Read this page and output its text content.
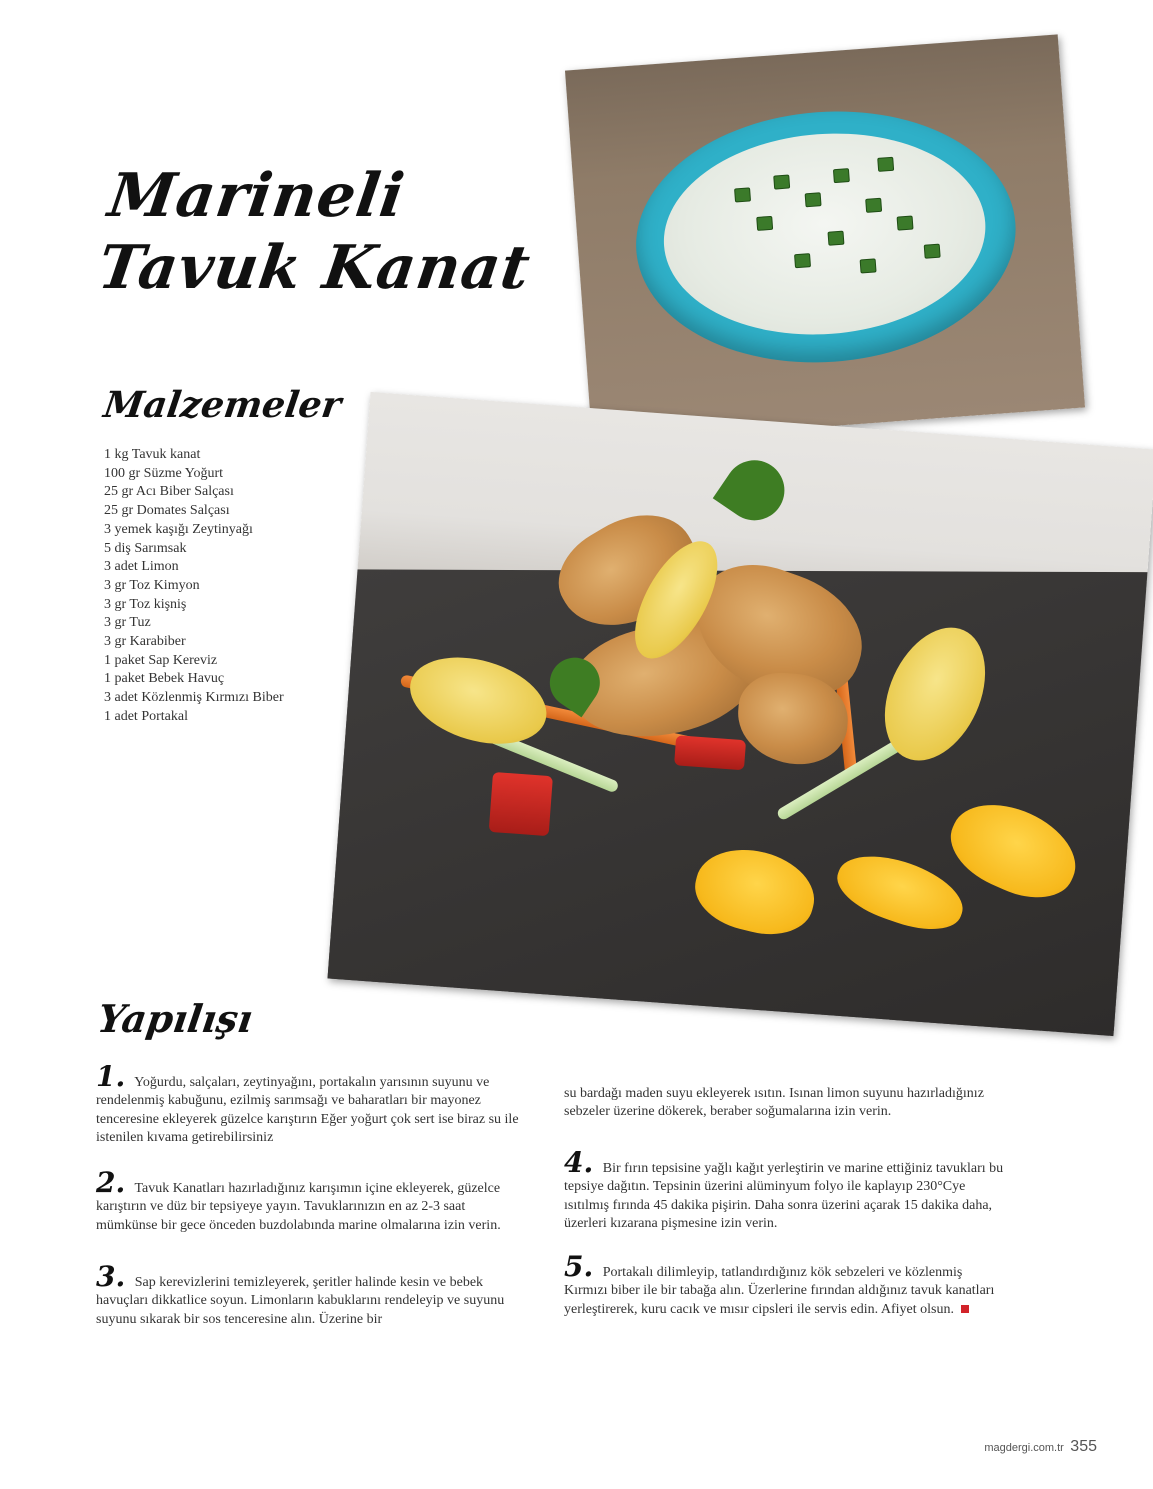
Marineli
Tavuk Kanat
Malzemeler
1 kg Tavuk kanat
100 gr Süzme Yoğurt
25 gr Acı Biber Salçası
25 gr Domates Salçası
3 yemek kaşığı Zeytinyağı
5 diş Sarımsak
3 adet Limon
3 gr Toz Kimyon
3 gr Toz kişniş
3 gr Tuz
3 gr Karabiber
1 paket Sap Kereviz
1 paket Bebek Havuç
3 adet Közlenmiş Kırmızı Biber
1 adet Portakal
Yapılışı

1. Yoğurdu, salçaları, zeytinyağını, portakalın yarısının suyunu ve rendelenmiş kabuğunu, ezilmiş sarımsağı ve baharatları bir mayonez tenceresine ekleyerek güzelce karıştırın Eğer yoğurt çok sert ise biraz su ile istenilen kıvama getirebilirsiniz

2. Tavuk Kanatları hazırladığınız karışımın içine ekleyerek, güzelce karıştırın ve düz bir tepsiyeye yayın. Tavuklarınızın en az 2-3 saat mümkünse bir gece önceden buzdolabında marine olmalarına izin verin.

3. Sap kerevizlerini temizleyerek, şeritler halinde kesin ve bebek havuçları dikkatlice soyun. Limonların kabuklarını rendeleyip ve suyunu suyunu sıkarak bir sos tenceresine alın. Üzerine bir

su bardağı maden suyu ekleyerek ısıtın. Isınan limon suyunu hazırladığınız sebzeler üzerine dökerek, beraber soğumalarına izin verin.

4. Bir fırın tepsisine yağlı kağıt yerleştirin ve marine ettiğiniz tavukları bu tepsiye dağıtın. Tepsinin üzerini alüminyum folyo ile kaplayıp 230°Cye ısıtılmış fırında 45 dakika pişirin. Daha sonra üzerini açarak 15 dakika daha, üzerleri kızarana pişmesine izin verin.

5. Portakalı dilimleyip, tatlandırdığınız kök sebzeleri ve közlenmiş Kırmızı biber ile bir tabağa alın. Üzerlerine fırından aldığınız tavuk kanatları yerleştirerek, kuru cacık ve mısır cipsleri ile servis edin. Afiyet olsun.

magdergi.com.tr 355
